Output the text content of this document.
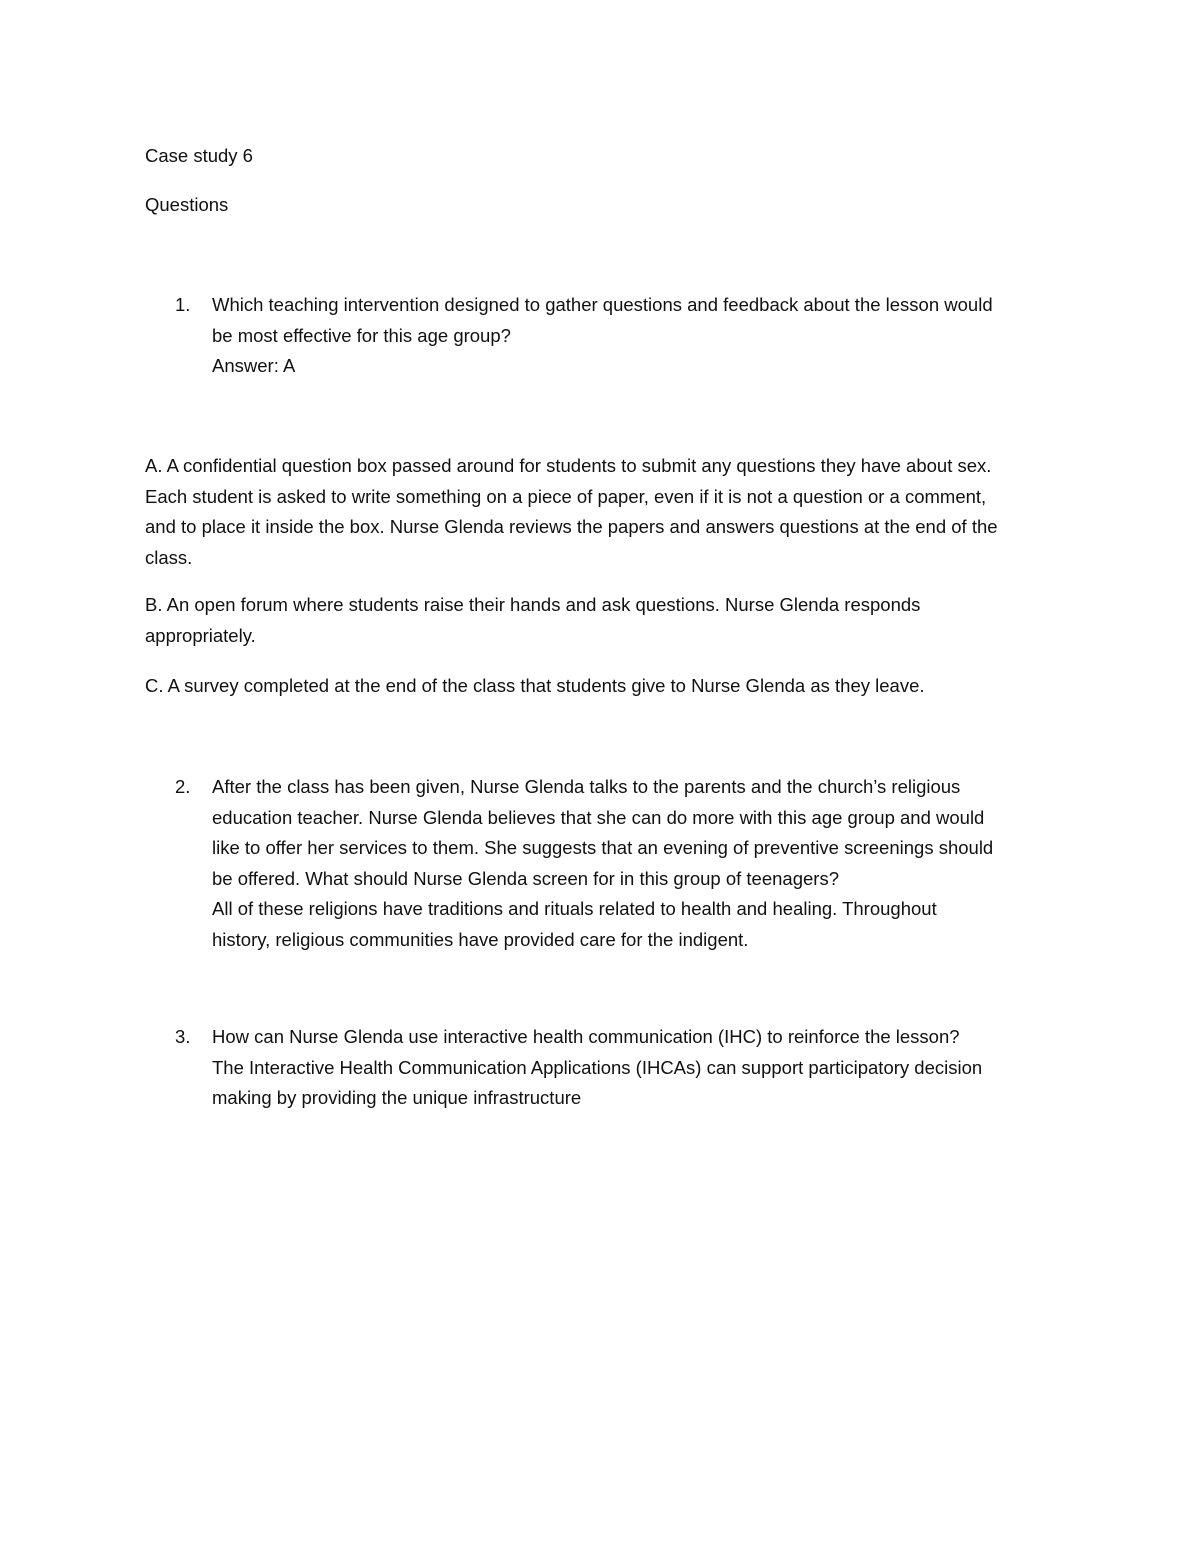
Case study 6
Questions
1.	Which teaching intervention designed to gather questions and feedback about the lesson would
be most effective for this age group?
Answer: A
A. A confidential question box passed around for students to submit any questions they have about sex.
Each student is asked to write something on a piece of paper, even if it is not a question or a comment,
and to place it inside the box. Nurse Glenda reviews the papers and answers questions at the end of the
class.
B. An open forum where students raise their hands and ask questions. Nurse Glenda responds
appropriately.
C. A survey completed at the end of the class that students give to Nurse Glenda as they leave.
2.	After the class has been given, Nurse Glenda talks to the parents and the church’s religious
education teacher. Nurse Glenda believes that she can do more with this age group and would
like to offer her services to them. She suggests that an evening of preventive screenings should
be offered. What should Nurse Glenda screen for in this group of teenagers?
All of these religions have traditions and rituals related to health and healing. Throughout
history, religious communities have provided care for the indigent.
3.	How can Nurse Glenda use interactive health communication (IHC) to reinforce the lesson?
The Interactive Health Communication Applications (IHCAs) can support participatory decision
making by providing the unique infrastructure
